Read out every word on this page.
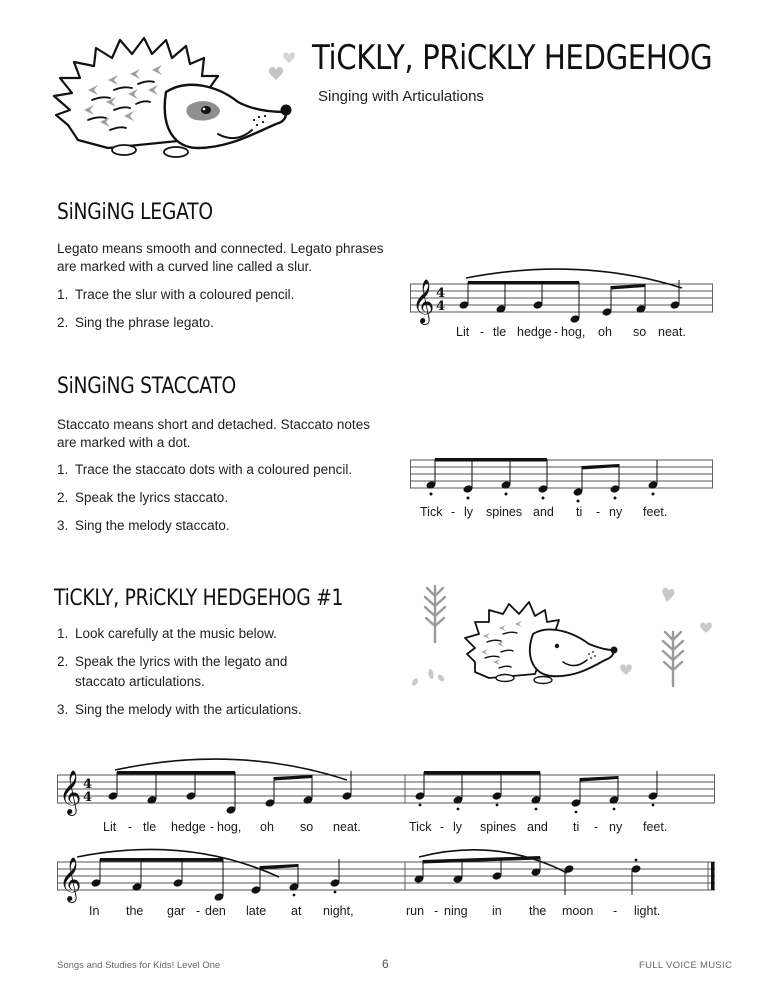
TiCKLY, PRiCKLY HEDGEHOG
Singing with Articulations
SiNGiNG LEGATO
Legato means smooth and connected. Legato phrases
are marked with a curved line called a slur.
1. Trace the slur with a coloured pencil.
2. Sing the phrase legato.	𝄞 4
4
Lit - tle hedge - hog, oh so neat.
SiNGiNG STACCATO
Staccato means short and detached. Staccato notes
are marked with a dot.
1. Trace the staccato dots with a coloured pencil.
2. Speak the lyrics staccato.
3. Sing the melody staccato.
Tick - ly spines and ti - ny feet.
TiCKLY, PRiCKLY HEDGEHOG #1
1. Look carefully at the music below.
2. Speak the lyrics with the legato and
staccato articulations.
3. Sing the melody with the articulations.
𝄞 4
4
Lit - tle hedge - hog, oh so neat.	Tick - ly spines and ti - ny feet.
𝄞
In the gar - den late at night,	run - ning in the moon - light.
Songs and Studies for Kids! Level One	6	FULL VOICE MUSIC
